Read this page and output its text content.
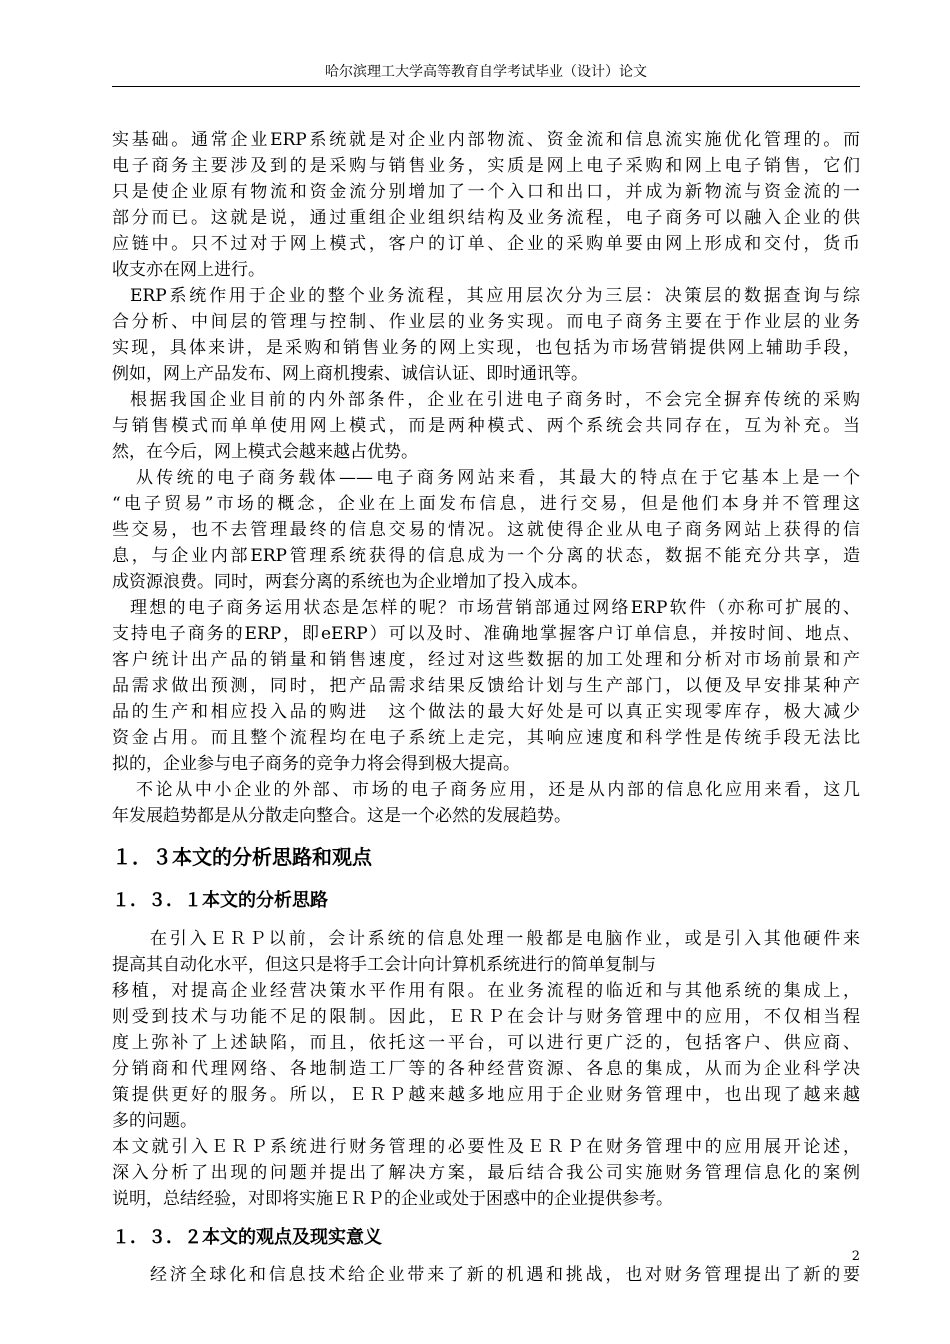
哈尔滨理工大学高等教育自学考试毕业（设计）论文
实基础。通常企业ERP系统就是对企业内部物流、资金流和信息流实施优化管理的。而
电子商务主要涉及到的是采购与销售业务，实质是网上电子采购和网上电子销售，它们
只是使企业原有物流和资金流分别增加了一个入口和出口，并成为新物流与资金流的一
部分而已。这就是说，通过重组企业组织结构及业务流程，电子商务可以融入企业的供
应链中。只不过对于网上模式，客户的订单、企业的采购单要由网上形成和交付，货币
收支亦在网上进行。
ERP系统作用于企业的整个业务流程，其应用层次分为三层：决策层的数据查询与综
合分析、中间层的管理与控制、作业层的业务实现。而电子商务主要在于作业层的业务
实现，具体来讲，是采购和销售业务的网上实现，也包括为市场营销提供网上辅助手段，
例如，网上产品发布、网上商机搜索、诚信认证、即时通讯等。
根据我国企业目前的内外部条件，企业在引进电子商务时，不会完全摒弃传统的采购
与销售模式而单单使用网上模式，而是两种模式、两个系统会共同存在，互为补充。当
然，在今后，网上模式会越来越占优势。
从传统的电子商务载体——电子商务网站来看，其最大的特点在于它基本上是一个
“电子贸易”市场的概念，企业在上面发布信息，进行交易，但是他们本身并不管理这
些交易，也不去管理最终的信息交易的情况。这就使得企业从电子商务网站上获得的信
息，与企业内部ERP管理系统获得的信息成为一个分离的状态，数据不能充分共享，造
成资源浪费。同时，两套分离的系统也为企业增加了投入成本。
理想的电子商务运用状态是怎样的呢？市场营销部通过网络ERP软件（亦称可扩展的、
支持电子商务的ERP，即eERP）可以及时、准确地掌握客户订单信息，并按时间、地点、
客户统计出产品的销量和销售速度，经过对这些数据的加工处理和分析对市场前景和产
品需求做出预测，同时，把产品需求结果反馈给计划与生产部门，以便及早安排某种产
品的生产和相应投入品的购进　这个做法的最大好处是可以真正实现零库存，极大减少
资金占用。而且整个流程均在电子系统上走完，其响应速度和科学性是传统手段无法比
拟的，企业参与电子商务的竞争力将会得到极大提高。
不论从中小企业的外部、市场的电子商务应用，还是从内部的信息化应用来看，这几
年发展趋势都是从分散走向整合。这是一个必然的发展趋势。
１．３本文的分析思路和观点
１．３．１本文的分析思路
在引入ＥＲＰ以前，会计系统的信息处理一般都是电脑作业，或是引入其他硬件来
提高其自动化水平，但这只是将手工会计向计算机系统进行的简单复制与
移植，对提高企业经营决策水平作用有限。在业务流程的临近和与其他系统的集成上，
则受到技术与功能不足的限制。因此，ＥＲＰ在会计与财务管理中的应用，不仅相当程
度上弥补了上述缺陷，而且，依托这一平台，可以进行更广泛的，包括客户、供应商、
分销商和代理网络、各地制造工厂等的各种经营资源、各息的集成，从而为企业科学决
策提供更好的服务。所以，ＥＲＰ越来越多地应用于企业财务管理中，也出现了越来越
多的问题。
本文就引入ＥＲＰ系统进行财务管理的必要性及ＥＲＰ在财务管理中的应用展开论述，
深入分析了出现的问题并提出了解决方案，最后结合我公司实施财务管理信息化的案例
说明，总结经验，对即将实施ＥＲＰ的企业或处于困惑中的企业提供参考。
１．３．２本文的观点及现实意义
经济全球化和信息技术给企业带来了新的机遇和挑战，也对财务管理提出了新的要
2
